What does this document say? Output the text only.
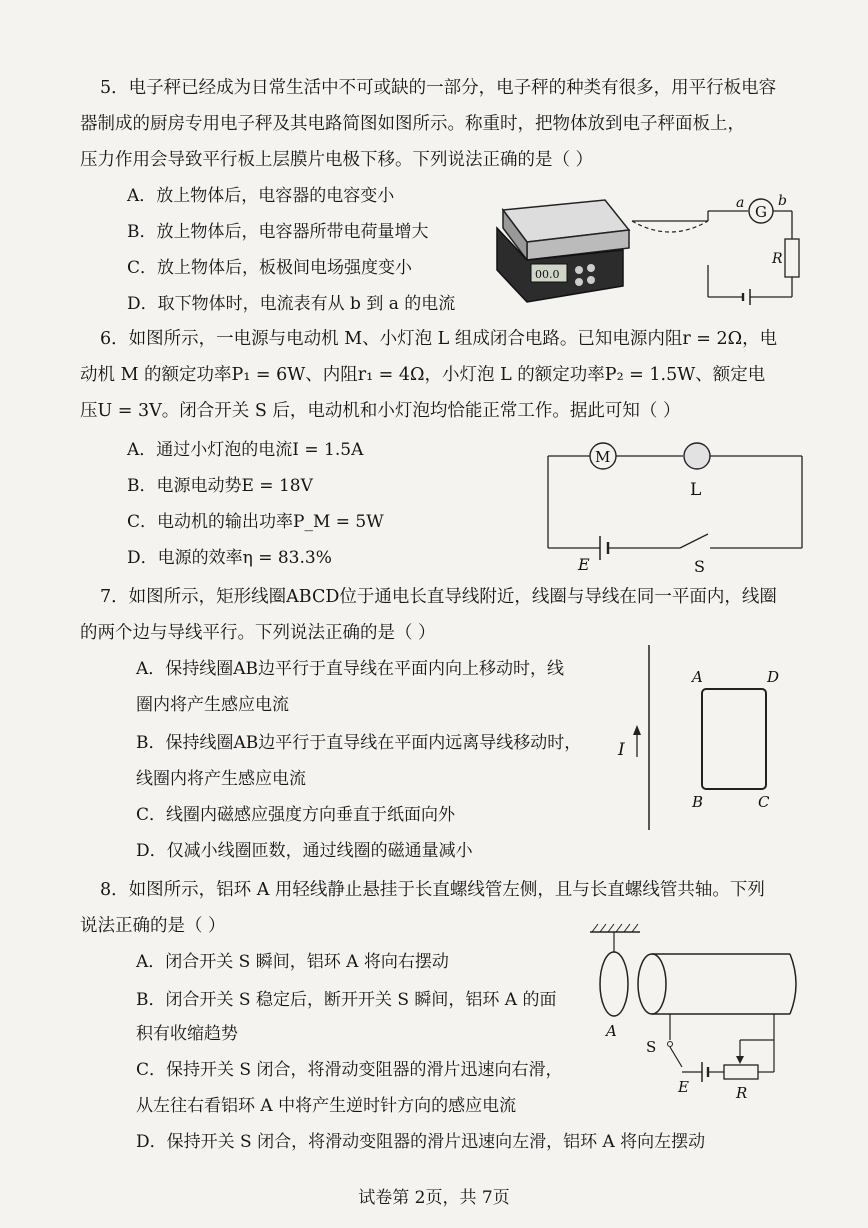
5．电子秤已经成为日常生活中不可或缺的一部分，电子秤的种类有很多，用平行板电容
器制成的厨房专用电子秤及其电路简图如图所示。称重时，把物体放到电子秤面板上，
压力作用会导致平行板上层膜片电极下移。下列说法正确的是（ ）
A．放上物体后，电容器的电容变小
B．放上物体后，电容器所带电荷量增大
C．放上物体后，板极间电场强度变小
D．取下物体时，电流表有从 b 到 a 的电流
00.0
G
a b
R
6．如图所示，一电源与电动机 M、小灯泡 L 组成闭合电路。已知电源内阻r = 2Ω，电
动机 M 的额定功率P₁ = 6W、内阻r₁ = 4Ω，小灯泡 L 的额定功率P₂ = 1.5W、额定电
压U = 3V。闭合开关 S 后，电动机和小灯泡均恰能正常工作。据此可知（ ）
A．通过小灯泡的电流I = 1.5A
B．电源电动势E = 18V
C．电动机的输出功率P_M = 5W
D．电源的效率η = 83.3%
M
L
E	S
7．如图所示，矩形线圈ABCD位于通电长直导线附近，线圈与导线在同一平面内，线圈
的两个边与导线平行。下列说法正确的是（ ）
A．保持线圈AB边平行于直导线在平面内向上移动时，线
圈内将产生感应电流
B．保持线圈AB边平行于直导线在平面内远离导线移动时，
线圈内将产生感应电流
C．线圈内磁感应强度方向垂直于纸面向外
D．仅减小线圈匝数，通过线圈的磁通量减小
I
A	D
B	C
8．如图所示，铝环 A 用轻线静止悬挂于长直螺线管左侧，且与长直螺线管共轴。下列
说法正确的是（ ）
A．闭合开关 S 瞬间，铝环 A 将向右摆动
B．闭合开关 S 稳定后，断开开关 S 瞬间，铝环 A 的面
积有收缩趋势
C．保持开关 S 闭合，将滑动变阻器的滑片迅速向右滑，
从左往右看铝环 A 中将产生逆时针方向的感应电流
D．保持开关 S 闭合，将滑动变阻器的滑片迅速向左滑，铝环 A 将向左摆动
A
S
E	R
试卷第 2页，共 7页
